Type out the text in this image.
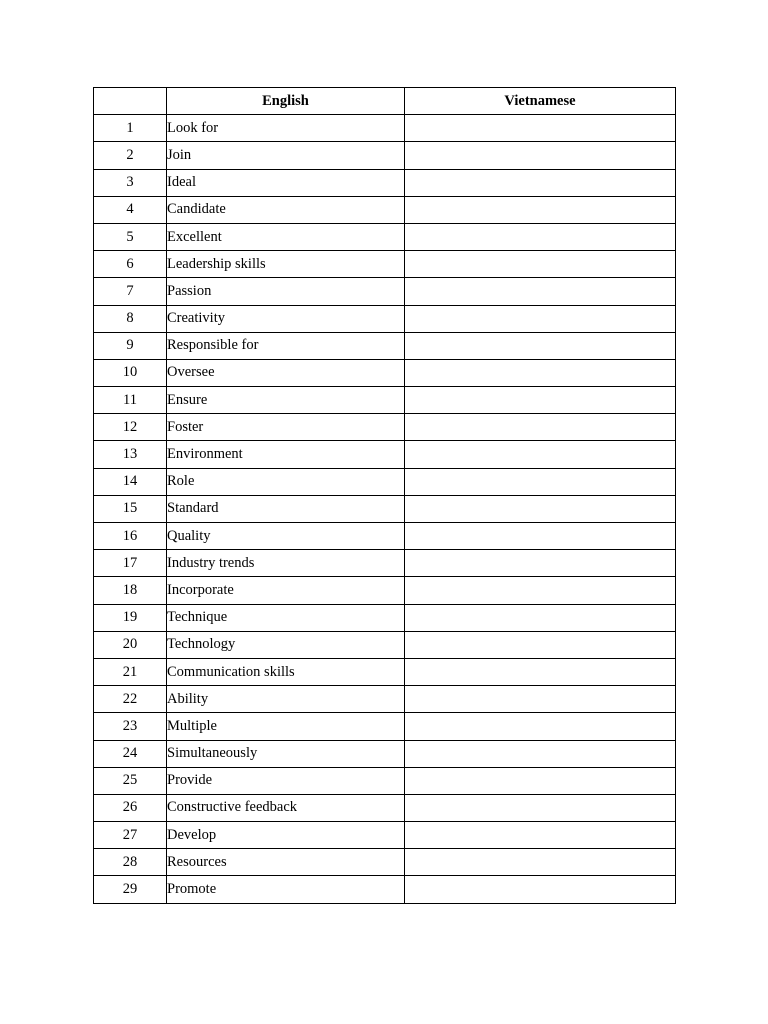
	English	Vietnamese
1	Look for	
2	Join	
3	Ideal	
4	Candidate	
5	Excellent	
6	Leadership skills	
7	Passion	
8	Creativity	
9	Responsible for	
10	Oversee	
11	Ensure	
12	Foster	
13	Environment	
14	Role	
15	Standard	
16	Quality	
17	Industry trends	
18	Incorporate	
19	Technique	
20	Technology	
21	Communication skills	
22	Ability	
23	Multiple	
24	Simultaneously	
25	Provide	
26	Constructive feedback	
27	Develop	
28	Resources	
29	Promote	
